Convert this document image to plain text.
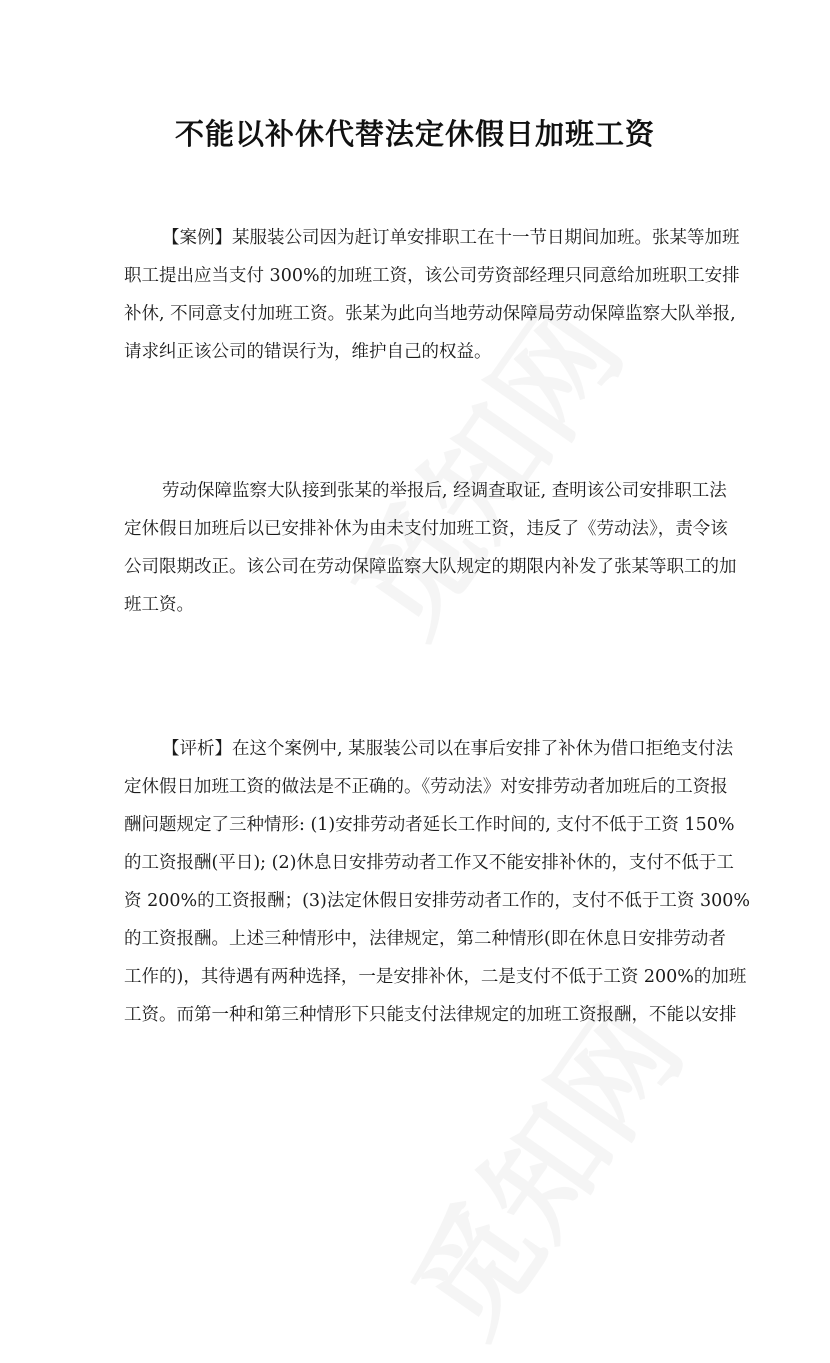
不能以补休代替法定休假日加班工资
【案例】某服装公司因为赶订单安排职工在十一节日期间加班。张某等加班
职工提出应当支付 300%的加班工资，该公司劳资部经理只同意给加班职工安排
补休, 不同意支付加班工资。张某为此向当地劳动保障局劳动保障监察大队举报,
请求纠正该公司的错误行为，维护自己的权益。
劳动保障监察大队接到张某的举报后, 经调查取证, 查明该公司安排职工法
定休假日加班后以已安排补休为由未支付加班工资，违反了《劳动法》，责令该
公司限期改正。该公司在劳动保障监察大队规定的期限内补发了张某等职工的加
班工资。
【评析】在这个案例中, 某服装公司以在事后安排了补休为借口拒绝支付法
定休假日加班工资的做法是不正确的。《劳动法》对安排劳动者加班后的工资报
酬问题规定了三种情形: (1)安排劳动者延长工作时间的, 支付不低于工资 150%
的工资报酬(平日); (2)休息日安排劳动者工作又不能安排补休的，支付不低于工
资 200%的工资报酬；(3)法定休假日安排劳动者工作的，支付不低于工资 300%
的工资报酬。上述三种情形中，法律规定，第二种情形(即在休息日安排劳动者
工作的)，其待遇有两种选择，一是安排补休，二是支付不低于工资 200%的加班
工资。而第一种和第三种情形下只能支付法律规定的加班工资报酬，不能以安排
